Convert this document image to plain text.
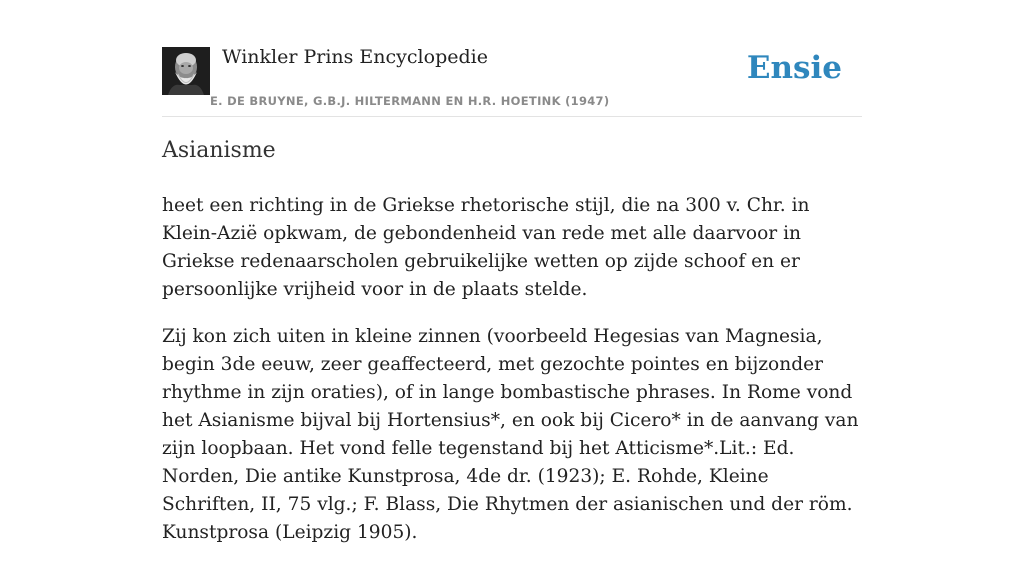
Winkler Prins Encyclopedie
E. DE BRUYNE, G.B.J. HILTERMANN EN H.R. HOETINK (1947)
Ensie
Asianisme

heet een richting in de Griekse rhetorische stijl, die na 300 v. Chr. in Klein-Azië opkwam, de gebondenheid van rede met alle daarvoor in Griekse redenaarscholen gebruikelijke wetten op zijde schoof en er persoonlijke vrijheid voor in de plaats stelde.

Zij kon zich uiten in kleine zinnen (voorbeeld Hegesias van Magnesia, begin 3de eeuw, zeer geaffecteerd, met gezochte pointes en bijzonder rhythme in zijn oraties), of in lange bombastische phrases. In Rome vond het Asianisme bijval bij Hortensius*, en ook bij Cicero* in de aanvang van zijn loopbaan. Het vond felle tegenstand bij het Atticisme*.Lit.: Ed. Norden, Die antike Kunstprosa, 4de dr. (1923); E. Rohde, Kleine Schriften, II, 75 vlg.; F. Blass, Die Rhytmen der asianischen und der röm. Kunstprosa (Leipzig 1905).
